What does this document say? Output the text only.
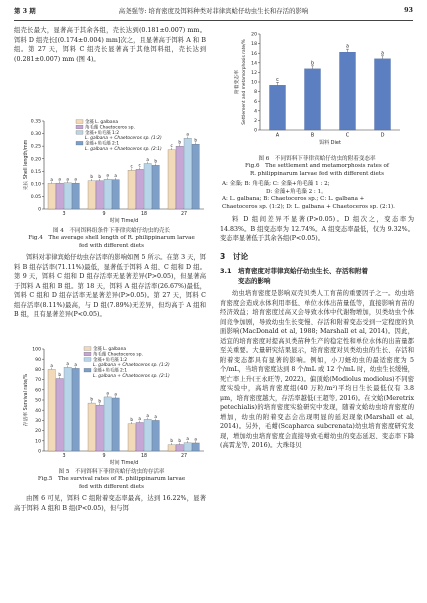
第 3 期	高尧强等: 培育密度及饵料种类对菲律宾蛤仔幼虫生长和存活的影响	93

组壳长最大，显著高于其余各组，壳长达到(0.181±0.007) mm。饵料 D 组壳长[(0.174±0.004) mm]次之，且显著高于饵料 A 和 B 组。第 27 天，饵料 C 组壳长显著高于其他饵料组，壳长达到(0.281±0.007) mm (图 4)。

0
0.05
0.10
0.15
0.20
0.25
0.30
0.35
壳长 Shell length/mm	a a a a
3
b b a a
9
c c
a b
18
c
b
a
b
27
时间 Time/d
金藻 L. galbana
角毛藻 Chaetoceros sp.
金藻+角毛藻 1:2
L. galbana + Chaetoceros sp. (1:2)
金藻+角毛藻 2:1
L. galbana + Chaetoceros sp. (2:1)
图 4　不同饵料组条件下菲律宾蛤仔幼虫的壳长
Fig.4　The average shell length of R. philippinarum larvae
fed with different diets

饵料对菲律宾蛤仔幼虫存活率的影响如图 5 所示。在第 3 天，饵料 B 组存活率(71.11%)最低，显著低于饵料 A 组、C 组和 D 组。第 9 天，饵料 C 组和 D 组存活率无显著差异(P>0.05)，但显著高于饵料 A 组和 B 组。第 18 天，饵料 A 组存活率(26.67%)最低，饵料 C 组和 D 组存活率无显著差异(P>0.05)。第 27 天，饵料 C 组存活率(8.11%)最高，与 D 组(7.89%)无差异，但均高于 A 组和 B 组，且有显著差异(P<0.05)。

0
10
20
30
40
50
60
70
80
90
100
存活率 Survival rate/%
a
b
a a
3
b b
a a
9
b a
a a
18
b b a a
27
时间 Time/d
金藻 L. galbana
角毛藻 Chaetoceros sp.
金藻+角毛藻 1:2
L. galbana + Chaetoceros sp. (1:2)
金藻+角毛藻 2:1
L. galbana + Chaetoceros sp. (2:1)
图 5　不同饵料下菲律宾蛤仔幼虫的存活率
Fig.5　The survival rates of R. philippinarum larvae
fed with different diets

由图 6 可见，饵料 C 组附着变态率最高，达到 16.22%，显著高于饵料 A 组和 B 组(P<0.05)，但与饵

0
2
4
6
8
10
12
14
16
18
20
附着变态率 Settlement and metamorphosis rate/%	c
A
b
B
a
C
a
D
饵料 Diet
图 6　不同饵料下菲律宾蛤仔幼虫的附着变态率
Fig.6　The settlement and metamorphosis rates of
R. philippinarum larvae fed with different diets
A: 金藻; B: 角毛藻; C: 金藻+角毛藻 1 : 2;
D: 金藻+角毛藻 2 : 1。
A: L. galbana; B: Chaetoceros sp.; C: L. galbana +
Chaetoceros sp. (1:2); D: L. galbana + Chaetoceros sp. (2:1).

料 D 组间差异不显著(P>0.05)。D 组次之，变态率为 14.83%。B 组变态率为 12.74%。A 组变态率最低，仅为 9.32%。变态率显著低于其余各组(P<0.05)。

3　讨论
3.1　培育密度对菲律宾蛤仔幼虫生长、存活和附着
变态的影响

幼虫培育密度是影响双壳贝类人工育苗的重要因子之一。幼虫培育密度会造成水体利用率低、单位水体出苗量低等，直接影响育苗的经济效益；培育密度过高又会导致水体中代谢物增加，贝类幼虫个体间竞争加剧，导致幼虫生长变慢、存活和附着变态受到一定程度的负面影响(MacDonald et al, 1988; Marshall et al, 2014)。因此，适宜的培育密度对提高贝类苗种生产的稳定性和单位水体的出苗量都至关重要。大量研究结果显示，培育密度对贝类幼虫的生长、存活和附着变态都具有显著的影响。例如，小刀蛏幼虫的最适密度为 5 个/mL，当培育密度达到 8 个/mL 或 12 个/mL 时，幼虫生长缓慢，死亡率上升(王永旺等, 2022)。偏顶蛤(Modiolus modiolus)不同密度实验中，高培育密度组(40 万粒/m²)平均日生长最低仅有 3.8 μm，培育密度越大，存活率越低(王超等, 2016)。在文蛤(Meretrix petechialis)的培育密度实验研究中发现，随着文蛤幼虫培育密度的增加，幼虫的附着变态会出现明显的延迟现象(Marshall et al, 2014)。另外，毛蚶(Scapharca subcrenata)幼虫培育密度研究发现，增加幼虫培育密度会直接导致毛蚶幼虫的变态延迟、变态率下降(高霄龙等, 2016)。大珠母贝
